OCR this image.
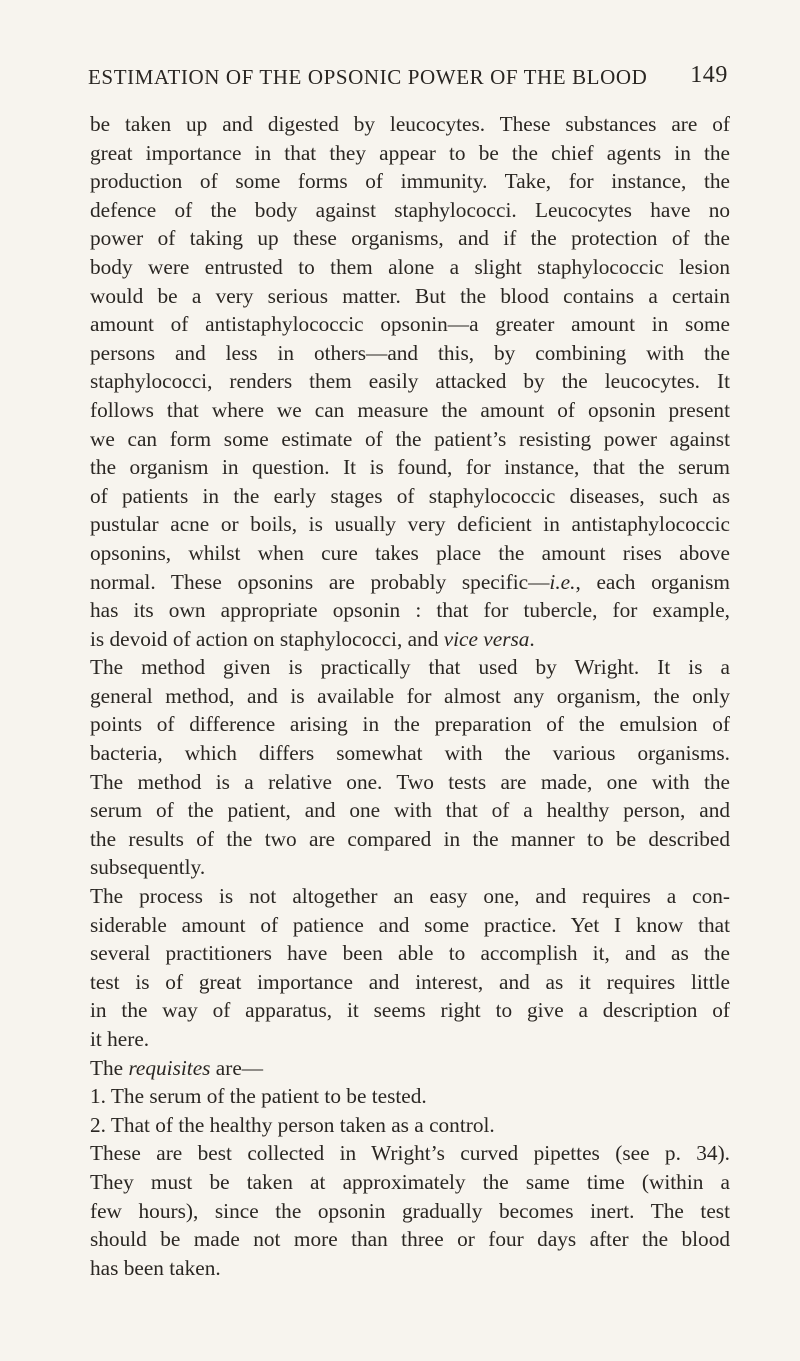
ESTIMATION OF THE OPSONIC POWER OF THE BLOOD 149
be taken up and digested by leucocytes. These substances are of
great importance in that they appear to be the chief agents in the
production of some forms of immunity. Take, for instance, the
defence of the body against staphylococci. Leucocytes have no
power of taking up these organisms, and if the protection of the
body were entrusted to them alone a slight staphylococcic lesion
would be a very serious matter. But the blood contains a certain
amount of antistaphylococcic opsonin—a greater amount in some
persons and less in others—and this, by combining with the
staphylococci, renders them easily attacked by the leucocytes. It
follows that where we can measure the amount of opsonin present
we can form some estimate of the patient’s resisting power against
the organism in question. It is found, for instance, that the serum
of patients in the early stages of staphylococcic diseases, such as
pustular acne or boils, is usually very deficient in antistaphylococcic
opsonins, whilst when cure takes place the amount rises above
normal. These opsonins are probably specific—i.e., each organism
has its own appropriate opsonin : that for tubercle, for example,
is devoid of action on staphylococci, and vice versa.
The method given is practically that used by Wright. It is a
general method, and is available for almost any organism, the only
points of difference arising in the preparation of the emulsion of
bacteria, which differs somewhat with the various organisms.
The method is a relative one. Two tests are made, one with the
serum of the patient, and one with that of a healthy person, and
the results of the two are compared in the manner to be described
subsequently.
The process is not altogether an easy one, and requires a con-
siderable amount of patience and some practice. Yet I know that
several practitioners have been able to accomplish it, and as the
test is of great importance and interest, and as it requires little
in the way of apparatus, it seems right to give a description of
it here.
The requisites are—
1. The serum of the patient to be tested.
2. That of the healthy person taken as a control.
These are best collected in Wright’s curved pipettes (see p. 34).
They must be taken at approximately the same time (within a
few hours), since the opsonin gradually becomes inert. The test
should be made not more than three or four days after the blood
has been taken.
